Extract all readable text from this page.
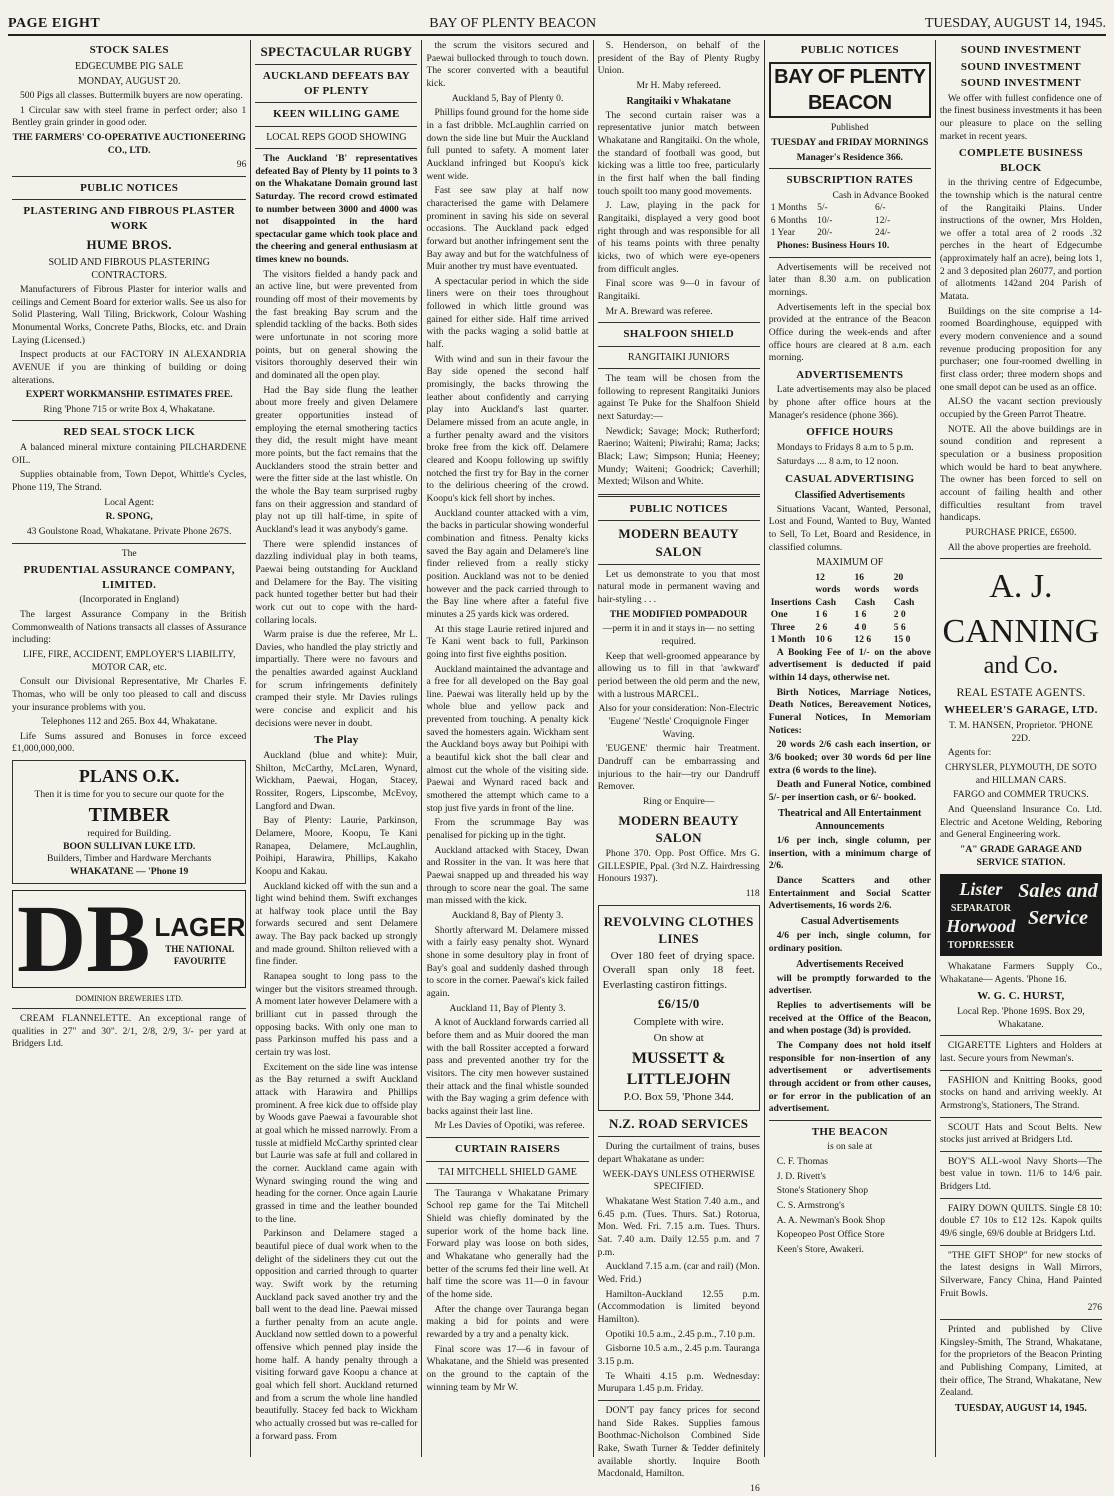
PAGE EIGHT	BAY OF PLENTY BEACON	TUESDAY, AUGUST 14, 1945.
STOCK SALES
EDGECUMBE PIG SALE
MONDAY, AUGUST 20.

500 Pigs all classes. Buttermilk buyers are now operating.

1 Circular saw with steel frame in perfect order; also 1 Bentley grain grinder in good oder.

THE FARMERS' CO-OPERATIVE AUCTIONEERING CO., LTD.

96

PUBLIC NOTICES
PLASTERING AND FIBROUS PLASTER WORK
HUME BROS.
SOLID AND FIBROUS PLASTERING CONTRACTORS.

Manufacturers of Fibrous Plaster for interior walls and ceilings and Cement Board for exterior walls. See us also for Solid Plastering, Wall Tiling, Brickwork, Colour Washing Monumental Works, Concrete Paths, Blocks, etc. and Drain Laying (Licensed.)

Inspect products at our FACTORY IN ALEXANDRIA AVENUE if you are thinking of building or doing alterations.

EXPERT WORKMANSHIP. ESTIMATES FREE.

Ring 'Phone 715 or write Box 4, Whakatane.

RED SEAL STOCK LICK

A balanced mineral mixture containing PILCHARDENE OIL.

Supplies obtainable from, Town Depot, Whittle's Cycles, Phone 119, The Strand.

Local Agent:

R. SPONG,

43 Goulstone Road, Whakatane. Private Phone 267S.

The

PRUDENTIAL ASSURANCE COMPANY, LIMITED.

(Incorporated in England)

The largest Assurance Company in the British Commonwealth of Nations transacts all classes of Assurance including:

LIFE, FIRE, ACCIDENT, EMPLOYER'S LIABILITY, MOTOR CAR, etc.

Consult our Divisional Representative, Mr Charles F. Thomas, who will be only too pleased to call and discuss your insurance problems with you.

Telephones 112 and 265. Box 44, Whakatane.

Life Sums assured and Bonuses in force exceed £1,000,000,000.

PLANS O.K.
Then it is time for you to secure our quote for the
TIMBER
required for Building.
BOON SULLIVAN LUKE LTD.
Builders, Timber and Hardware Merchants
WHAKATANE — 'Phone 19
DB LAGER
THE NATIONAL FAVOURITE

DOMINION BREWERIES LTD.

CREAM FLANNELETTE. An exceptional range of qualities in 27" and 30". 2/1, 2/8, 2/9, 3/- per yard at Bridgers Ltd.

SPECTACULAR RUGBY
AUCKLAND DEFEATS BAY OF PLENTY
KEEN WILLING GAME
LOCAL REPS GOOD SHOWING

The Auckland 'B' representatives defeated Bay of Plenty by 11 points to 3 on the Whakatane Domain ground last Saturday. The record crowd estimated to number between 3000 and 4000 was not disappointed in the hard spectacular game which took place and the cheering and general enthusiasm at times knew no bounds.

The visitors fielded a handy pack and an active line, but were prevented from rounding off most of their movements by the fast breaking Bay scrum and the splendid tackling of the backs. Both sides were unfortunate in not scoring more points, but on general showing the visitors thoroughly deserved their win and dominated all the open play.

Had the Bay side flung the leather about more freely and given Delamere greater opportunities instead of employing the eternal smothering tactics they did, the result might have meant more points, but the fact remains that the Aucklanders stood the strain better and were the fitter side at the last whistle. On the whole the Bay team surprised rugby fans on their aggression and standard of play not up till half-time, in spite of Auckland's lead it was anybody's game.

There were splendid instances of dazzling individual play in both teams, Paewai being outstanding for Auckland and Delamere for the Bay. The visiting pack hunted together better but had their work cut out to cope with the hard-collaring locals.

Warm praise is due the referee, Mr L. Davies, who handled the play strictly and impartially. There were no favours and the penalties awarded against Auckland for scrum infringements definitely cramped their style. Mr Davies rulings were concise and explicit and his decisions were never in doubt.

The Play

Auckland (blue and white): Muir, Shilton, McCarthy, McLaren, Wynard, Wickham, Paewai, Hogan, Stacey, Rossiter, Rogers, Lipscombe, McEvoy, Langford and Dwan.

Bay of Plenty: Laurie, Parkinson, Delamere, Moore, Koopu, Te Kani Ranapea, Delamere, McLaughlin, Poihipi, Harawira, Phillips, Kakaho Koopu and Kakau.

Auckland kicked off with the sun and a light wind behind them. Swift exchanges at halfway took place until the Bay forwards secured and sent Delamere away. The Bay pack backed up strongly and made ground. Shilton relieved with a fine finder.

Ranapea sought to long pass to the winger but the visitors streamed through. A moment later however Delamere with a brilliant cut in passed through the opposing backs. With only one man to pass Parkinson muffed his pass and a certain try was lost.

Excitement on the side line was intense as the Bay returned a swift Auckland attack with Harawira and Phillips prominent. A free kick due to offside play by Woods gave Paewai a favourable shot at goal which he missed narrowly. From a tussle at midfield McCarthy sprinted clear but Laurie was safe at full and collared in the corner. Auckland came again with Wynard swinging round the wing and heading for the corner. Once again Laurie grassed in time and the leather bounded to the line.

Parkinson and Delamere staged a beautiful piece of dual work when to the delight of the sideliners they cut out the opposition and carried through to quarter way. Swift work by the returning Auckland pack saved another try and the ball went to the dead line. Paewai missed a further penalty from an acute angle. Auckland now settled down to a powerful offensive which penned play inside the home half. A handy penalty through a visiting forward gave Koopu a chance at goal which fell short. Auckland returned and from a scrum the whole line handled beautifully. Stacey fed back to Wickham who actually crossed but was re-called for a forward pass. From

the scrum the visitors secured and Paewai bullocked through to touch down. The scorer converted with a beautiful kick.

Auckland 5, Bay of Plenty 0.

Phillips found ground for the home side in a fast dribble. McLaughlin carried on down the side line but Muir the Auckland full punted to safety. A moment later Auckland infringed but Koopu's kick went wide.

Fast see saw play at half now characterised the game with Delamere prominent in saving his side on several occasions. The Auckland pack edged forward but another infringement sent the Bay away and but for the watchfulness of Muir another try must have eventuated.

A spectacular period in which the side liners were on their toes throughout followed in which little ground was gained for either side. Half time arrived with the packs waging a solid battle at half.

With wind and sun in their favour the Bay side opened the second half promisingly, the backs throwing the leather about confidently and carrying play into Auckland's last quarter. Delamere missed from an acute angle, in a further penalty award and the visitors broke free from the kick off. Delamere cleared and Koopu following up swiftly notched the first try for Bay in the corner to the delirious cheering of the crowd. Koopu's kick fell short by inches.

Auckland counter attacked with a vim, the backs in particular showing wonderful combination and fitness. Penalty kicks saved the Bay again and Delamere's line finder relieved from a really sticky position. Auckland was not to be denied however and the pack carried through to the Bay line where after a fateful five minutes a 25 yards kick was ordered.

At this stage Laurie retired injured and Te Kani went back to full, Parkinson going into first five eighths position.

Auckland maintained the advantage and a free for all developed on the Bay goal line. Paewai was literally held up by the whole blue and yellow pack and prevented from touching. A penalty kick saved the homesters again. Wickham sent the Auckland boys away but Poihipi with a beautiful kick shot the ball clear and almost cut the whole of the visiting side. Paewai and Wynard raced back and smothered the attempt which came to a stop just five yards in front of the line.

From the scrummage Bay was penalised for picking up in the tight.

Auckland attacked with Stacey, Dwan and Rossiter in the van. It was here that Paewai snapped up and threaded his way through to score near the goal. The same man missed with the kick.

Auckland 8, Bay of Plenty 3.

Shortly afterward M. Delamere missed with a fairly easy penalty shot. Wynard shone in some desultory play in front of Bay's goal and suddenly dashed through to score in the corner. Paewai's kick failed again.

Auckland 11, Bay of Plenty 3.

A knot of Auckland forwards carried all before them and as Muir doored the man with the ball Rossiter accepted a forward pass and prevented another try for the visitors. The city men however sustained their attack and the final whistle sounded with the Bay waging a grim defence with backs against their last line.

Mr Les Davies of Opotiki, was referee.

CURTAIN RAISERS
TAI MITCHELL SHIELD GAME

The Tauranga v Whakatane Primary School rep game for the Tai Mitchell Shield was chiefly dominated by the superior work of the home back line. Forward play was loose on both sides, and Whakatane who generally had the better of the scrums fed their line well. At half time the score was 11—0 in favour of the home side.

After the change over Tauranga began making a bid for points and were rewarded by a try and a penalty kick.

Final score was 17—6 in favour of Whakatane, and the Shield was presented on the ground to the captain of the winning team by Mr W.

S. Henderson, on behalf of the president of the Bay of Plenty Rugby Union.

Mr H. Maby refereed.

Rangitaiki v Whakatane

The second curtain raiser was a representative junior match between Whakatane and Rangitaiki. On the whole, the standard of football was good, but kicking was a little too free, particularly in the first half when the ball finding touch spoilt too many good movements.

J. Law, playing in the pack for Rangitaiki, displayed a very good boot right through and was responsible for all of his teams points with three penalty kicks, two of which were eye-openers from difficult angles.

Final score was 9—0 in favour of Rangitaiki.

Mr A. Breward was referee.

SHALFOON SHIELD
RANGITAIKI JUNIORS

The team will be chosen from the following to represent Rangitaiki Juniors against Te Puke for the Shalfoon Shield next Saturday:—

Newdick; Savage; Mock; Rutherford; Raerino; Waiteni; Piwirahi; Rama; Jacks; Black; Law; Simpson; Hunia; Heeney; Mundy; Waiteni; Goodrick; Caverhill; Mexted; Wilson and White.

PUBLIC NOTICES
MODERN BEAUTY SALON

Let us demonstrate to you that most natural mode in permanent waving and hair-styling . . .

THE MODIFIED POMPADOUR

—perm it in and it stays in— no setting required.

Keep that well-groomed appearance by allowing us to fill in that 'awkward' period between the old perm and the new, with a lustrous MARCEL.

Also for your consideration: Non-Electric 'Eugene' 'Nestle' Croquignole Finger Waving.

'EUGENE' thermic hair Treatment. Dandruff can be embarrassing and injurious to the hair—try our Dandruff Remover.

Ring or Enquire—

MODERN BEAUTY SALON

Phone 370. Opp. Post Office. Mrs G. GILLESPIE, Ppal. (3rd N.Z. Hairdressing Honours 1937).

118

REVOLVING CLOTHES LINES

Over 180 feet of drying space. Overall span only 18 feet. Everlasting castiron fittings.

£6/15/0

Complete with wire.

On show at

MUSSETT & LITTLEJOHN

P.O. Box 59, 'Phone 344.

N.Z. ROAD SERVICES

During the curtailment of trains, buses depart Whakatane as under:

WEEK-DAYS UNLESS OTHERWISE SPECIFIED.

Whakatane West Station 7.40 a.m., and 6.45 p.m. (Tues. Thurs. Sat.) Rotorua, Mon. Wed. Fri. 7.15 a.m. Tues. Thurs. Sat. 7.40 a.m. Daily 12.55 p.m. and 7 p.m.

Auckland 7.15 a.m. (car and rail) (Mon. Wed. Frid.)

Hamilton-Auckland 12.55 p.m. (Accommodation is limited beyond Hamilton).

Opotiki 10.5 a.m., 2.45 p.m., 7.10 p.m.

Gisborne 10.5 a.m., 2.45 p.m. Tauranga 3.15 p.m.

Te Whaiti 4.15 p.m. Wednesday: Murupara 1.45 p.m. Friday.

DON'T pay fancy prices for second hand Side Rakes. Supplies famous Boothmac-Nicholson Combined Side Rake, Swath Turner & Tedder definitely available shortly. Inquire Booth Macdonald, Hamilton.

16

PUBLIC NOTICES
BAY OF PLENTY BEACON

Published

TUESDAY and FRIDAY MORNINGS

Manager's Residence 366.

SUBSCRIPTION RATES
	Cash in Advance Booked	
1 Months	5/-	6/-
6 Months	10/-	12/-
1 Year	20/-	24/-

Phones: Business Hours 10.

Advertisements will be received not later than 8.30 a.m. on publication mornings.

Advertisements left in the special box provided at the entrance of the Beacon Office during the week-ends and after office hours are cleared at 8 a.m. each morning.

ADVERTISEMENTS

Late advertisements may also be placed by phone after office hours at the Manager's residence (phone 366).

OFFICE HOURS

Mondays to Fridays 8 a.m to 5 p.m.

Saturdays .... 8 a.m, to 12 noon.

CASUAL ADVERTISING
Classified Advertisements

Situations Vacant, Wanted, Personal, Lost and Found, Wanted to Buy, Wanted to Sell, To Let, Board and Residence, in classified columns.

MAXIMUM OF
	12 words	16 words	20 words
Insertions	Cash	Cash	Cash
One	1 6	1 6	2 0
Three	2 6	4 0	5 6
1 Month	10 6	12 6	15 0

A Booking Fee of 1/- on the above advertisement is deducted if paid within 14 days, otherwise net.

Birth Notices, Marriage Notices, Death Notices, Bereavement Notices, Funeral Notices, In Memoriam Notices:

20 words 2/6 cash each insertion, or 3/6 booked; over 30 words 6d per line extra (6 words to the line).

Death and Funeral Notice, combined 5/- per insertion cash, or 6/- booked.

Theatrical and All Entertainment Announcements

1/6 per inch, single column, per insertion, with a minimum charge of 2/6.

Dance Scatters and other Entertainment and Social Scatter Advertisements, 16 words 2/6.

Casual Advertisements

4/6 per inch, single column, for ordinary position.

Advertisements Received

will be promptly forwarded to the advertiser.

Replies to advertisements will be received at the Office of the Beacon, and when postage (3d) is provided.

The Company does not hold itself responsible for non-insertion of any advertisement or advertisements through accident or from other causes, or for error in the publication of an advertisement.

THE BEACON

is on sale at

C. F. Thomas

J. D. Rivett's

Stone's Stationery Shop

C. S. Armstrong's

A. A. Newman's Book Shop

Kopeopeo Post Office Store

Keen's Store, Awakeri.

SOUND INVESTMENT
SOUND INVESTMENT
SOUND INVESTMENT

We offer with fullest confidence one of the finest business investments it has been our pleasure to place on the selling market in recent years.

COMPLETE BUSINESS BLOCK

in the thriving centre of Edgecumbe, the township which is the natural centre of the Rangitaiki Plains. Under instructions of the owner, Mrs Holden, we offer a total area of 2 roods .32 perches in the heart of Edgecumbe (approximately half an acre), being lots 1, 2 and 3 deposited plan 26077, and portion of allotments 142and 204 Parish of Matata.

Buildings on the site comprise a 14-roomed Boardinghouse, equipped with every modern convenience and a sound revenue producing proposition for any purchaser; one four-roomed dwelling in first class order; three modern shops and one small depot can be used as an office.

ALSO the vacant section previously occupied by the Green Parrot Theatre.

NOTE. All the above buildings are in sound condition and represent a speculation or a business proposition which would be hard to beat anywhere. The owner has been forced to sell on account of failing health and other difficulties resultant from travel handicaps.

PURCHASE PRICE, £6500.

All the above properties are freehold.

A. J. CANNING
and Co.
REAL ESTATE AGENTS.
WHEELER'S GARAGE, LTD.

T. M. HANSEN, Proprietor. 'PHONE 22D.

Agents for:

CHRYSLER, PLYMOUTH, DE SOTO and HILLMAN CARS.

FARGO and COMMER TRUCKS.

And Queensland Insurance Co. Ltd. Electric and Acetone Welding, Reboring and General Engineering work.

"A" GRADE GARAGE AND SERVICE STATION.

Lister
SEPARATOR
Horwood
TOPDRESSER
Sales and Service

Whakatane Farmers Supply Co., Whakatane— Agents. 'Phone 16.

W. G. C. HURST,

Local Rep. 'Phone 169S. Box 29, Whakatane.

CIGARETTE Lighters and Holders at last. Secure yours from Newman's.

FASHION and Knitting Books, good stocks on hand and arriving weekly. At Armstrong's, Stationers, The Strand.

SCOUT Hats and Scout Belts. New stocks just arrived at Bridgers Ltd.

BOY'S ALL-wool Navy Shorts—The best value in town. 11/6 to 14/6 pair. Bridgers Ltd.

FAIRY DOWN QUILTS. Single £8 10: double £7 10s to £12 12s. Kapok quilts 49/6 single, 69/6 double at Bridgers Ltd.

"THE GIFT SHOP" for new stocks of the latest designs in Wall Mirrors, Silverware, Fancy China, Hand Painted Fruit Bowls.

276

Printed and published by Clive Kingsley-Smith, The Strand, Whakatane, for the proprietors of the Beacon Printing and Publishing Company, Limited, at their office, The Strand, Whakatane, New Zealand.

TUESDAY, AUGUST 14, 1945.
